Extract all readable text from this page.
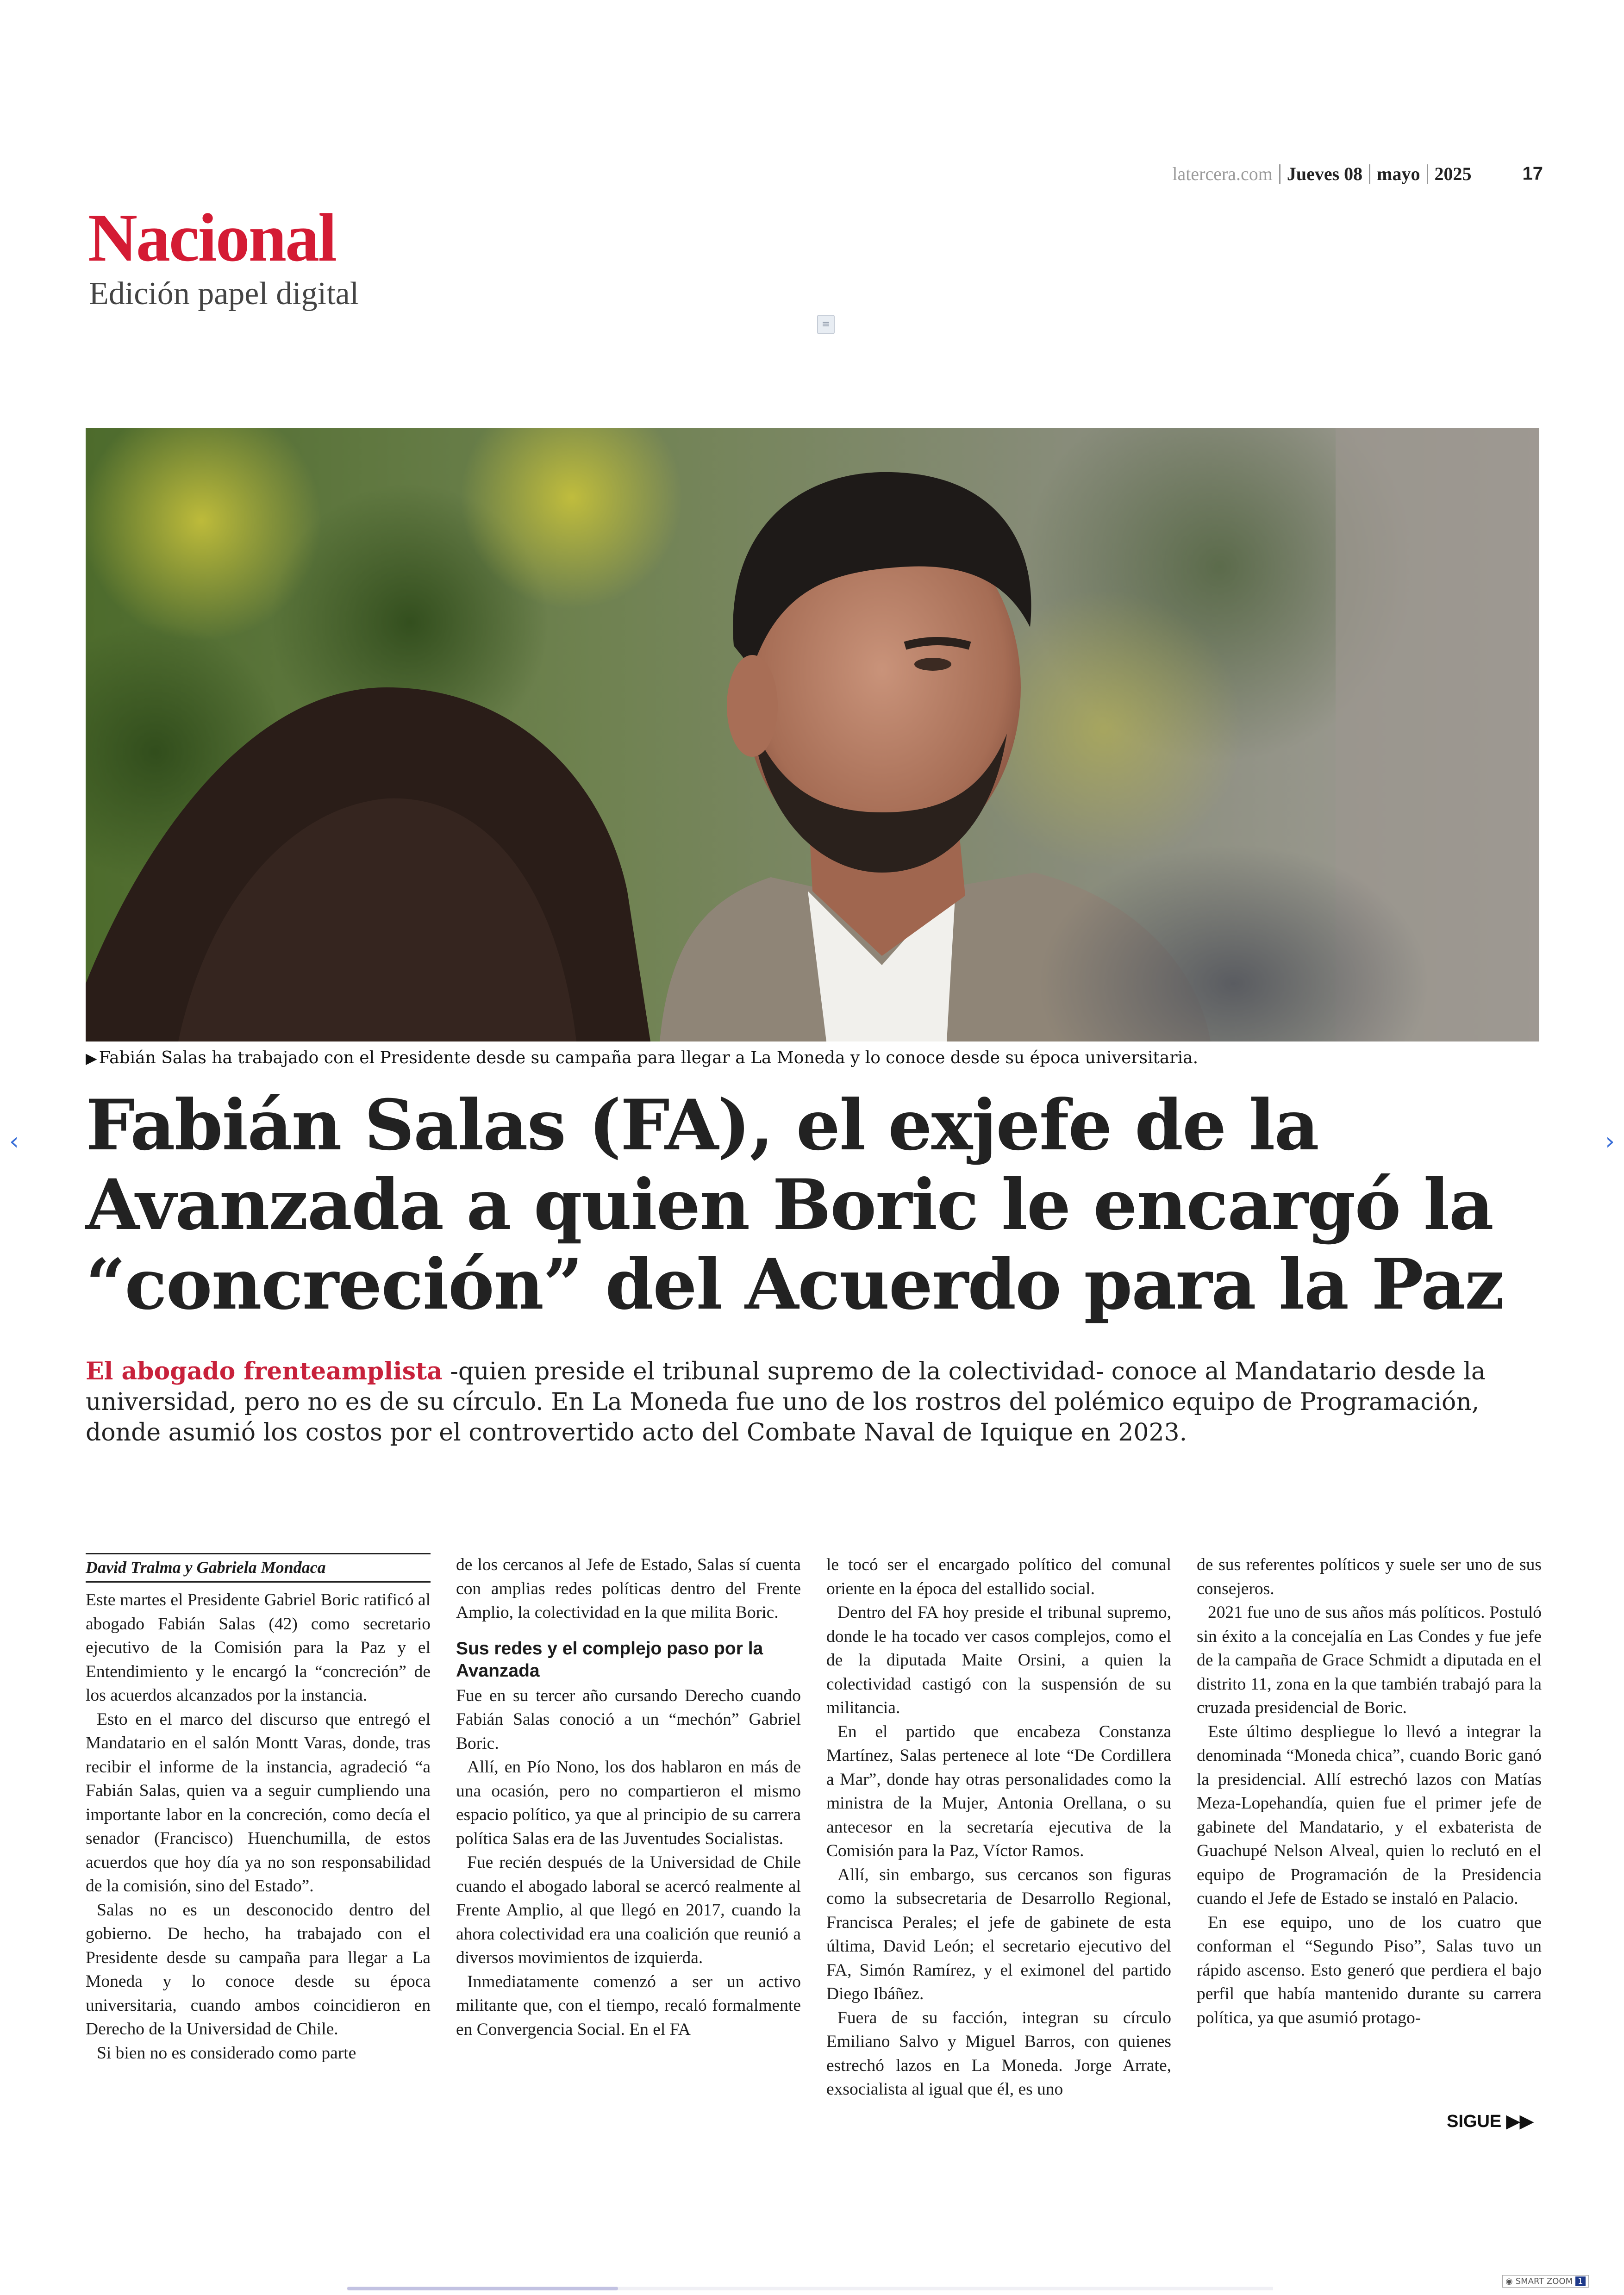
latercera.com Jueves 08 mayo 2025	17
Nacional
Edición papel digital
≡
▶ Fabián Salas ha trabajado con el Presidente desde su campaña para llegar a La Moneda y lo conoce desde su época universitaria.
‹	›
Fabián Salas (FA), el exjefe de la
Avanzada a quien Boric le encargó la
“concreción” del Acuerdo para la Paz
El abogado frenteamplista -quien preside el tribunal supremo de la colectividad- conoce al Mandatario desde la universidad, pero no es de su círculo. En La Moneda fue uno de los rostros del polémico equipo de Programación, donde asumió los costos por el controvertido acto del Combate Naval de Iquique en 2023.
David Tralma y Gabriela Mondaca

Este martes el Presidente Gabriel Boric ratificó al abogado Fabián Salas (42) como secretario ejecutivo de la Comisión para la Paz y el Entendimiento y le encargó la “concreción” de los acuerdos alcanzados por la instancia.

Esto en el marco del discurso que entregó el Mandatario en el salón Montt Varas, donde, tras recibir el informe de la instancia, agradeció “a Fabián Salas, quien va a seguir cumpliendo una importante labor en la concreción, como decía el senador (Francisco) Huenchumilla, de estos acuerdos que hoy día ya no son responsabilidad de la comisión, sino del Estado”.

Salas no es un desconocido dentro del gobierno. De hecho, ha trabajado con el Presidente desde su campaña para llegar a La Moneda y lo conoce desde su época universitaria, cuando ambos coincidieron en Derecho de la Universidad de Chile.

Si bien no es considerado como parte

de los cercanos al Jefe de Estado, Salas sí cuenta con amplias redes políticas dentro del Frente Amplio, la colectividad en la que milita Boric.

Sus redes y el complejo paso por la Avanzada

Fue en su tercer año cursando Derecho cuando Fabián Salas conoció a un “mechón” Gabriel Boric.

Allí, en Pío Nono, los dos hablaron en más de una ocasión, pero no compartieron el mismo espacio político, ya que al principio de su carrera política Salas era de las Juventudes Socialistas.

Fue recién después de la Universidad de Chile cuando el abogado laboral se acercó realmente al Frente Amplio, al que llegó en 2017, cuando la ahora colectividad era una coalición que reunió a diversos movimientos de izquierda.

Inmediatamente comenzó a ser un activo militante que, con el tiempo, recaló formalmente en Convergencia Social. En el FA

le tocó ser el encargado político del comunal oriente en la época del estallido social.

Dentro del FA hoy preside el tribunal supremo, donde le ha tocado ver casos complejos, como el de la diputada Maite Orsini, a quien la colectividad castigó con la suspensión de su militancia.

En el partido que encabeza Constanza Martínez, Salas pertenece al lote “De Cordillera a Mar”, donde hay otras personalidades como la ministra de la Mujer, Antonia Orellana, o su antecesor en la secretaría ejecutiva de la Comisión para la Paz, Víctor Ramos.

Allí, sin embargo, sus cercanos son figuras como la subsecretaria de Desarrollo Regional, Francisca Perales; el jefe de gabinete de esta última, David León; el secretario ejecutivo del FA, Simón Ramírez, y el eximonel del partido Diego Ibáñez.

Fuera de su facción, integran su círculo Emiliano Salvo y Miguel Barros, con quienes estrechó lazos en La Moneda. Jorge Arrate, exsocialista al igual que él, es uno

de sus referentes políticos y suele ser uno de sus consejeros.

2021 fue uno de sus años más políticos. Postuló sin éxito a la concejalía en Las Condes y fue jefe de la campaña de Grace Schmidt a diputada en el distrito 11, zona en la que también trabajó para la cruzada presidencial de Boric.

Este último despliegue lo llevó a integrar la denominada “Moneda chica”, cuando Boric ganó la presidencial. Allí estrechó lazos con Matías Meza-Lopehandía, quien fue el primer jefe de gabinete del Mandatario, y el exbaterista de Guachupé Nelson Alveal, quien lo reclutó en el equipo de Programación de la Presidencia cuando el Jefe de Estado se instaló en Palacio.

En ese equipo, uno de los cuatro que conforman el “Segundo Piso”, Salas tuvo un rápido ascenso. Esto generó que perdiera el bajo perfil que había mantenido durante su carrera política, ya que asumió protago-

SIGUE ▶▶
◉ SMART ZOOM 1
